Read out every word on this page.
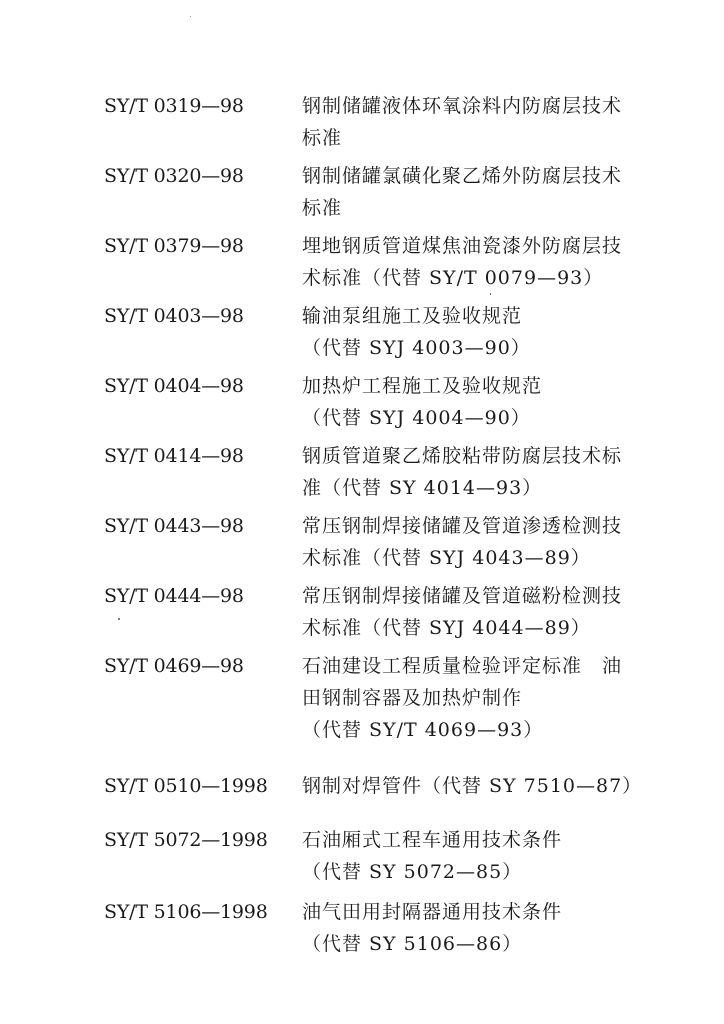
SY/T 0319—98	钢制储罐液体环氧涂料内防腐层技术
标准
SY/T 0320—98	钢制储罐氯磺化聚乙烯外防腐层技术
标准
SY/T 0379—98	埋地钢质管道煤焦油瓷漆外防腐层技
术标准（代替 SY/T 0079—93）
SY/T 0403—98	输油泵组施工及验收规范
（代替 SYJ 4003—90）
SY/T 0404—98	加热炉工程施工及验收规范
（代替 SYJ 4004—90）
SY/T 0414—98	钢质管道聚乙烯胶粘带防腐层技术标
准（代替 SY 4014—93）
SY/T 0443—98	常压钢制焊接储罐及管道渗透检测技
术标准（代替 SYJ 4043—89）
SY/T 0444—98	常压钢制焊接储罐及管道磁粉检测技
术标准（代替 SYJ 4044—89）
SY/T 0469—98	石油建设工程质量检验评定标准　油
田钢制容器及加热炉制作
（代替 SY/T 4069—93）
SY/T 0510—1998	钢制对焊管件（代替 SY 7510—87）
SY/T 5072—1998	石油厢式工程车通用技术条件
（代替 SY 5072—85）
SY/T 5106—1998	油气田用封隔器通用技术条件
（代替 SY 5106—86）
